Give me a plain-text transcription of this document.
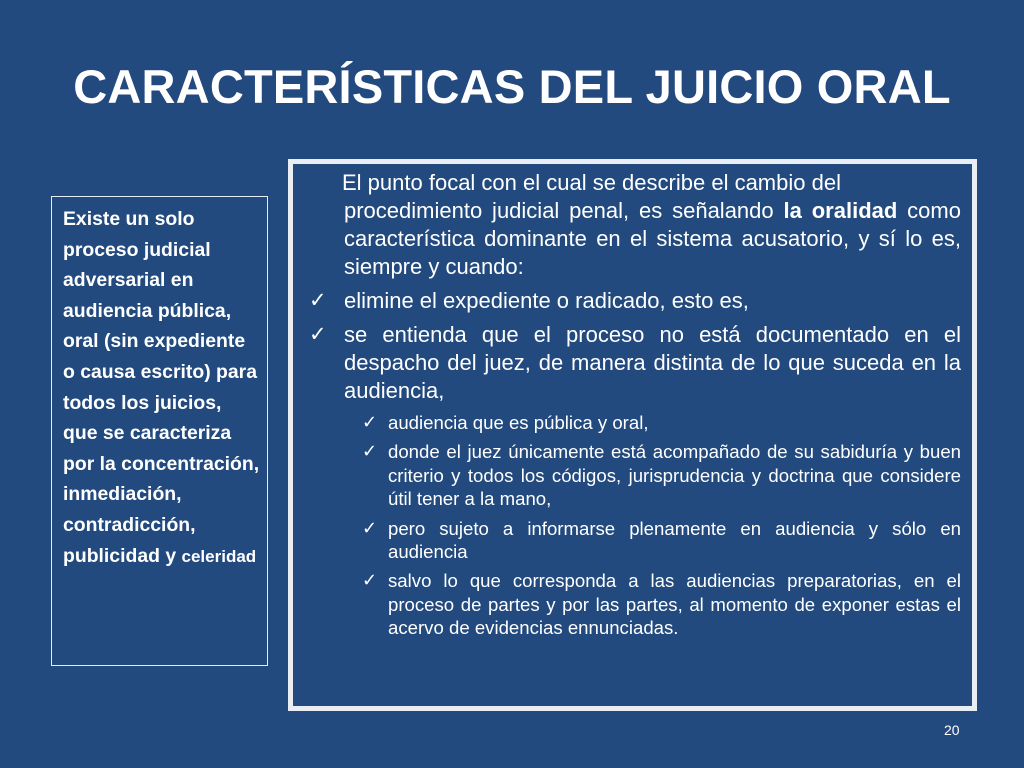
CARACTERÍSTICAS DEL JUICIO ORAL
Existe un solo proceso judicial adversarial en audiencia pública, oral (sin expediente o causa escrito) para todos los juicios, que se caracteriza por la concentración, inmediación, contradicción, publicidad y celeridad
El punto focal con el cual se describe el cambio del
procedimiento judicial penal, es señalando la oralidad como característica dominante en el sistema acusatorio, y sí lo es, siempre y cuando:
✓ elimine el expediente o radicado, esto es,
✓ se entienda que el proceso no está documentado en el despacho del juez, de manera distinta de lo que suceda en la audiencia,
✓ audiencia que es pública y oral,
✓ donde el juez únicamente está acompañado de su sabiduría y buen criterio y todos los códigos, jurisprudencia y doctrina que considere útil tener a la mano,
✓ pero sujeto a informarse plenamente en audiencia y sólo en audiencia
✓ salvo lo que corresponda a las audiencias preparatorias, en el proceso de partes y por las partes, al momento de exponer estas el acervo de evidencias ennunciadas.
20
